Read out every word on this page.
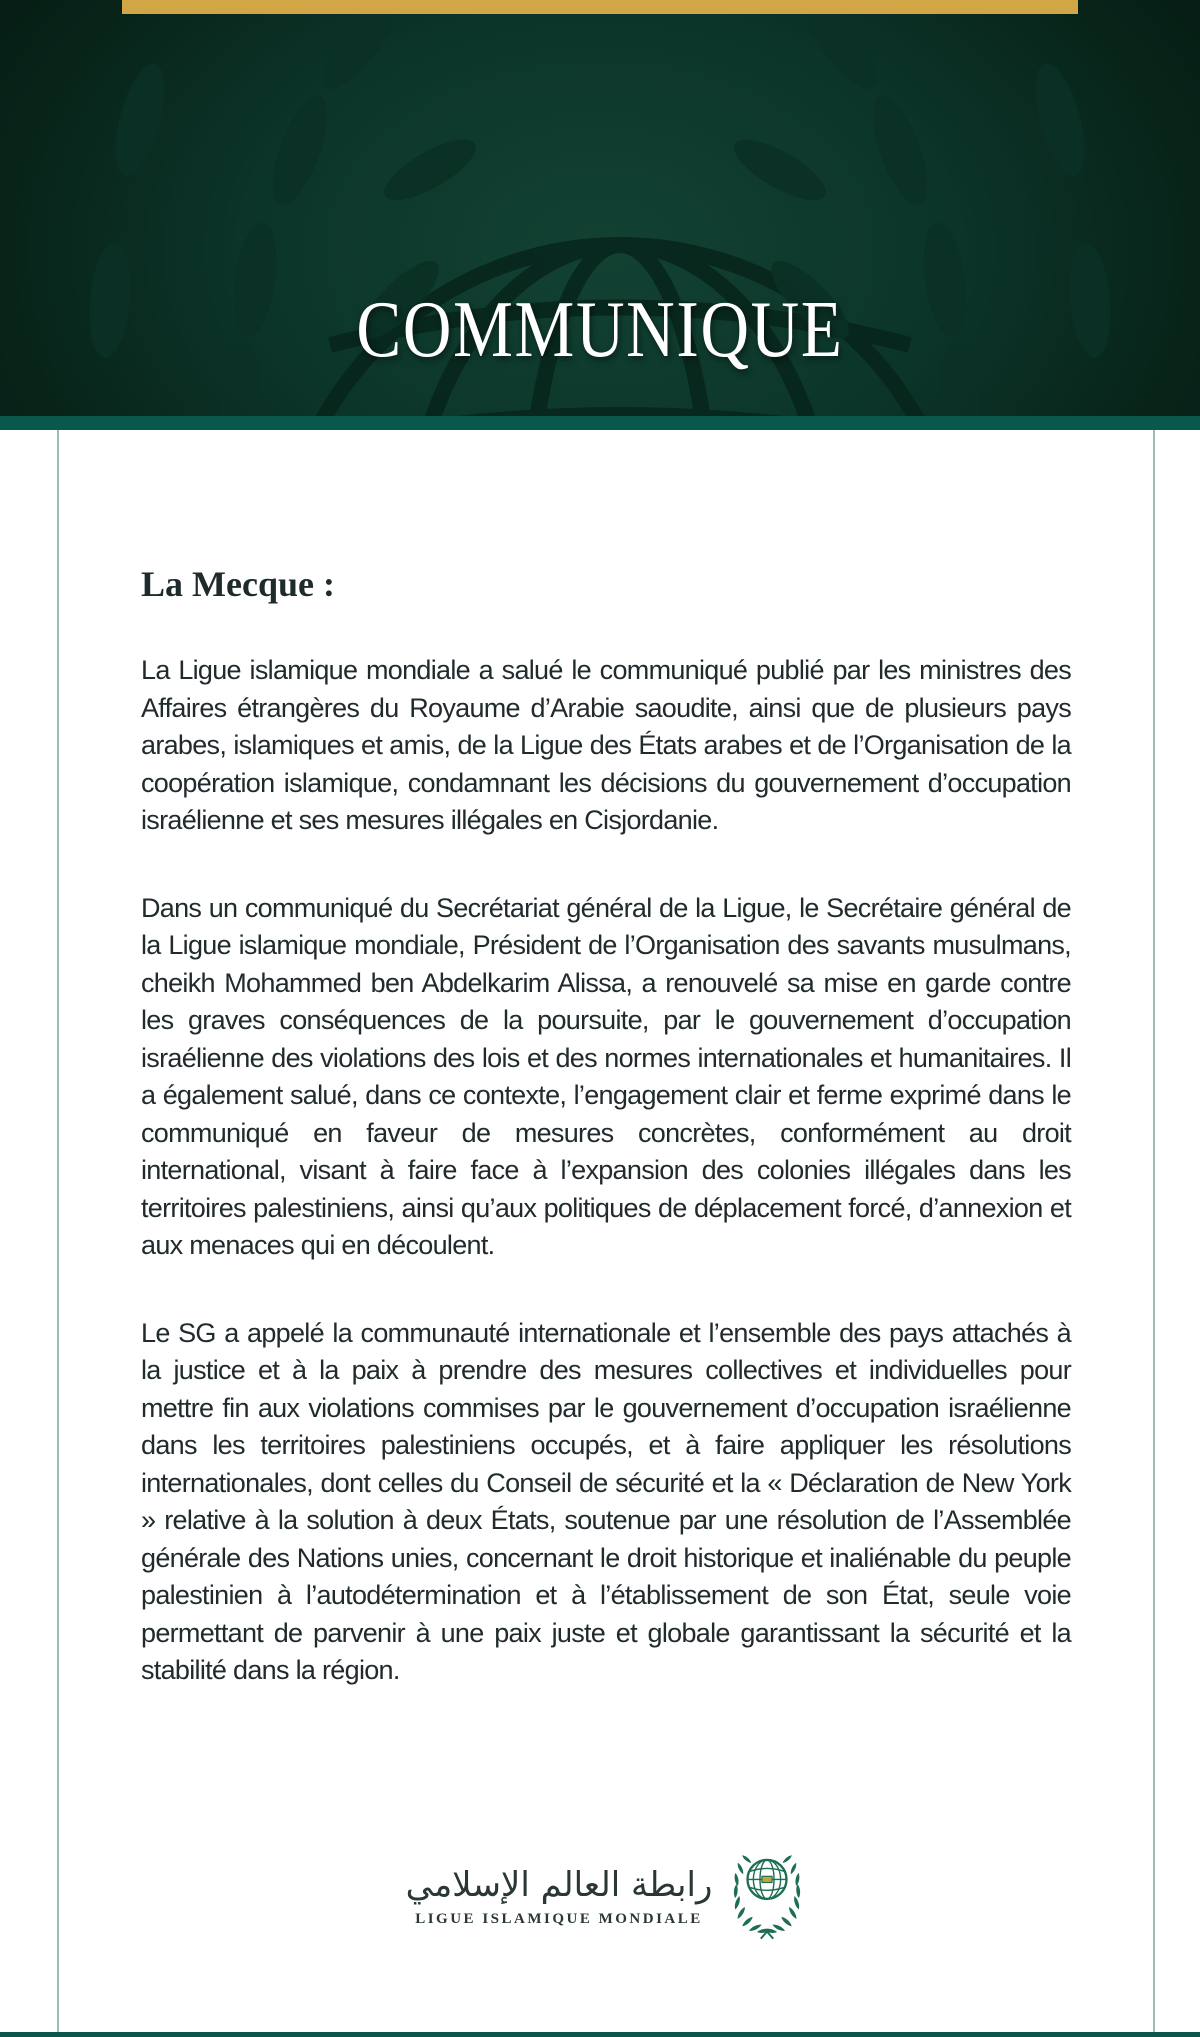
COMMUNIQUE

La Mecque :

La Ligue islamique mondiale a salué le communiqué publié par les ministres des Affaires étrangères du Royaume d’Arabie saoudite, ainsi que de plusieurs pays arabes, islamiques et amis, de la Ligue des États arabes et de l’Organisation de la coopération islamique, condamnant les décisions du gouvernement d’occupation israélienne et ses mesures illégales en Cisjordanie.

Dans un communiqué du Secrétariat général de la Ligue, le Secrétaire général de la Ligue islamique mondiale, Président de l’Organisation des savants musulmans, cheikh Mohammed ben Abdelkarim Alissa, a renouvelé sa mise en garde contre les graves conséquences de la poursuite, par le gouvernement d’occupation israélienne des violations des lois et des normes internationales et humanitaires. Il a également salué, dans ce contexte, l’engagement clair et ferme exprimé dans le communiqué en faveur de mesures concrètes, conformément au droit international, visant à faire face à l’expansion des colonies illégales dans les territoires palestiniens, ainsi qu’aux politiques de déplacement forcé, d’annexion et aux menaces qui en découlent.

Le SG a appelé la communauté internationale et l’ensemble des pays attachés à la justice et à la paix à prendre des mesures collectives et individuelles pour mettre fin aux violations commises par le gouvernement d’occupation israélienne dans les territoires palestiniens occupés, et à faire appliquer les résolutions internationales, dont celles du Conseil de sécurité et la « Déclaration de New York » relative à la solution à deux États, soutenue par une résolution de l’Assemblée générale des Nations unies, concernant le droit historique et inaliénable du peuple palestinien à l’autodétermination et à l’établissement de son État, seule voie permettant de parvenir à une paix juste et globale garantissant la sécurité et la stabilité dans la région.

رابطة العالم الإسلامي
LIGUE ISLAMIQUE MONDIALE
